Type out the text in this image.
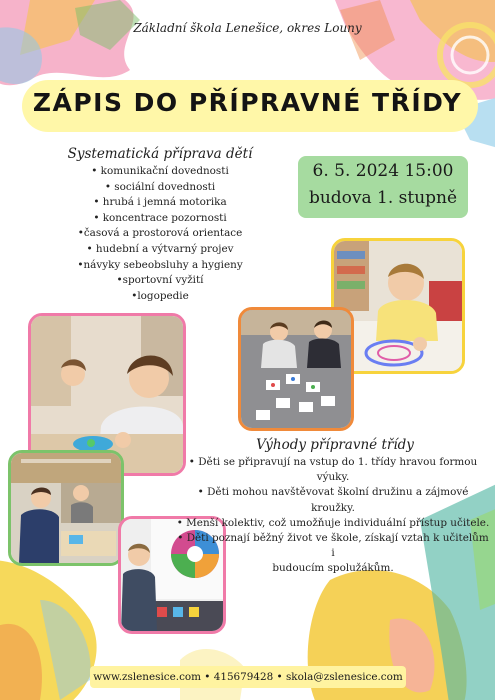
Základní škola Lenešice, okres Louny
ZÁPIS DO PŘÍPRAVNÉ TŘÍDY
Systematická příprava dětí
• komunikační dovednosti
• sociální dovednosti
• hrubá i jemná motorika
• koncentrace pozornosti
•časová a prostorová orientace
• hudební a výtvarný projev
•návyky sebeobsluhy a hygieny
•sportovní vyžití
•logopedie
6. 5. 2024 15:00
budova 1. stupně
Výhody přípravné třídy
• Děti se připravují na vstup do 1. třídy hravou formou výuky.
• Děti mohou navštěvovat školní družinu a zájmové kroužky.
• Menší kolektiv, což umožňuje individuální přístup učitele.
• Děti poznají běžný život ve škole, získají vztah k učitelům i
budoucím spolužákům.
www.zslenesice.com • 415679428 • skola@zslenesice.com
